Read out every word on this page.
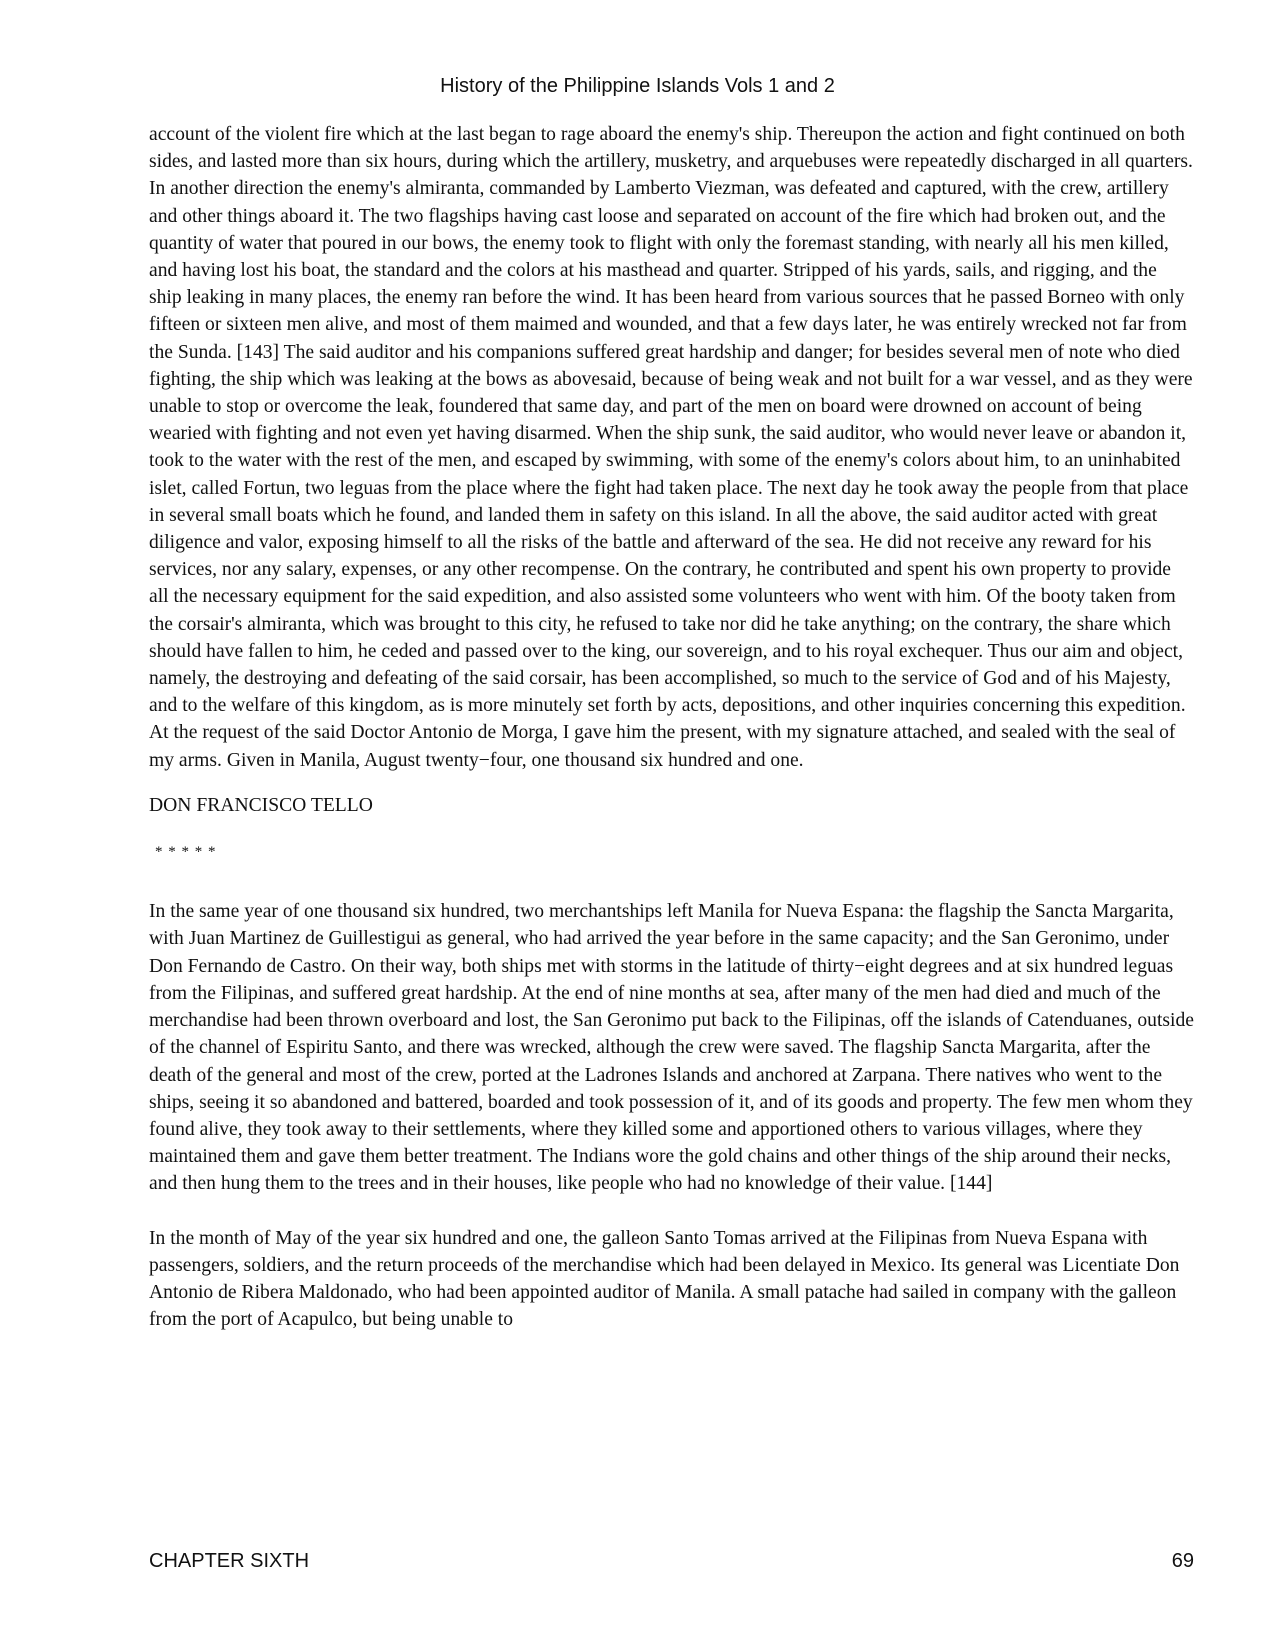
History of the Philippine Islands Vols 1 and 2

account of the violent fire which at the last began to rage aboard the enemy's ship. Thereupon the action and fight continued on both sides, and lasted more than six hours, during which the artillery, musketry, and arquebuses were repeatedly discharged in all quarters. In another direction the enemy's almiranta, commanded by Lamberto Viezman, was defeated and captured, with the crew, artillery and other things aboard it. The two flagships having cast loose and separated on account of the fire which had broken out, and the quantity of water that poured in our bows, the enemy took to flight with only the foremast standing, with nearly all his men killed, and having lost his boat, the standard and the colors at his masthead and quarter. Stripped of his yards, sails, and rigging, and the ship leaking in many places, the enemy ran before the wind. It has been heard from various sources that he passed Borneo with only fifteen or sixteen men alive, and most of them maimed and wounded, and that a few days later, he was entirely wrecked not far from the Sunda. [143] The said auditor and his companions suffered great hardship and danger; for besides several men of note who died fighting, the ship which was leaking at the bows as abovesaid, because of being weak and not built for a war vessel, and as they were unable to stop or overcome the leak, foundered that same day, and part of the men on board were drowned on account of being wearied with fighting and not even yet having disarmed. When the ship sunk, the said auditor, who would never leave or abandon it, took to the water with the rest of the men, and escaped by swimming, with some of the enemy's colors about him, to an uninhabited islet, called Fortun, two leguas from the place where the fight had taken place. The next day he took away the people from that place in several small boats which he found, and landed them in safety on this island. In all the above, the said auditor acted with great diligence and valor, exposing himself to all the risks of the battle and afterward of the sea. He did not receive any reward for his services, nor any salary, expenses, or any other recompense. On the contrary, he contributed and spent his own property to provide all the necessary equipment for the said expedition, and also assisted some volunteers who went with him. Of the booty taken from the corsair's almiranta, which was brought to this city, he refused to take nor did he take anything; on the contrary, the share which should have fallen to him, he ceded and passed over to the king, our sovereign, and to his royal exchequer. Thus our aim and object, namely, the destroying and defeating of the said corsair, has been accomplished, so much to the service of God and of his Majesty, and to the welfare of this kingdom, as is more minutely set forth by acts, depositions, and other inquiries concerning this expedition. At the request of the said Doctor Antonio de Morga, I gave him the present, with my signature attached, and sealed with the seal of my arms. Given in Manila, August twenty−four, one thousand six hundred and one.

DON FRANCISCO TELLO

* * * * *

In the same year of one thousand six hundred, two merchantships left Manila for Nueva Espana: the flagship the Sancta Margarita, with Juan Martinez de Guillestigui as general, who had arrived the year before in the same capacity; and the San Geronimo, under Don Fernando de Castro. On their way, both ships met with storms in the latitude of thirty−eight degrees and at six hundred leguas from the Filipinas, and suffered great hardship. At the end of nine months at sea, after many of the men had died and much of the merchandise had been thrown overboard and lost, the San Geronimo put back to the Filipinas, off the islands of Catenduanes, outside of the channel of Espiritu Santo, and there was wrecked, although the crew were saved. The flagship Sancta Margarita, after the death of the general and most of the crew, ported at the Ladrones Islands and anchored at Zarpana. There natives who went to the ships, seeing it so abandoned and battered, boarded and took possession of it, and of its goods and property. The few men whom they found alive, they took away to their settlements, where they killed some and apportioned others to various villages, where they maintained them and gave them better treatment. The Indians wore the gold chains and other things of the ship around their necks, and then hung them to the trees and in their houses, like people who had no knowledge of their value. [144]

In the month of May of the year six hundred and one, the galleon Santo Tomas arrived at the Filipinas from Nueva Espana with passengers, soldiers, and the return proceeds of the merchandise which had been delayed in Mexico. Its general was Licentiate Don Antonio de Ribera Maldonado, who had been appointed auditor of Manila. A small patache had sailed in company with the galleon from the port of Acapulco, but being unable to

CHAPTER SIXTH	69
